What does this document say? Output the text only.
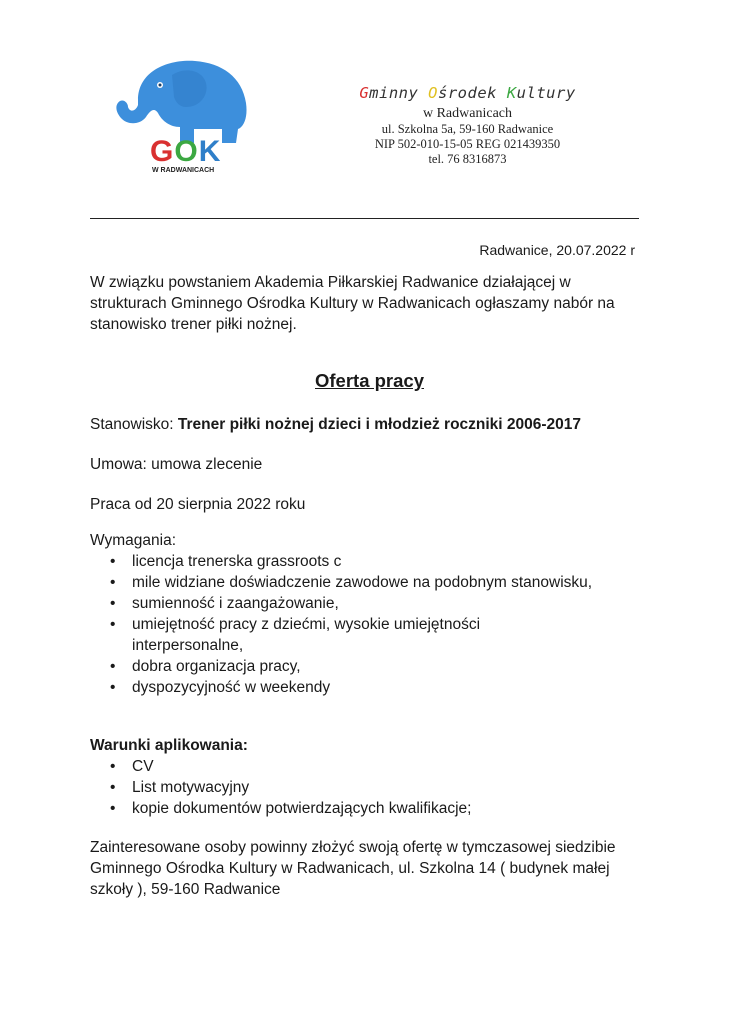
GOK
W RADWANICACH
Gminny Ośrodek Kultury
w Radwanicach
ul. Szkolna 5a, 59-160 Radwanice
NIP 502-010-15-05 REG 021439350
tel. 76 8316873
Radwanice, 20.07.2022 r
W związku powstaniem Akademia Piłkarskiej Radwanice działającej w strukturach Gminnego Ośrodka Kultury w Radwanicach ogłaszamy nabór na stanowisko trener piłki nożnej.
Oferta pracy
Stanowisko: Trener piłki nożnej dzieci i młodzież roczniki 2006-2017
Umowa: umowa zlecenie
Praca od 20 sierpnia 2022 roku
Wymagania:
• licencja trenerska grassroots c
• mile widziane doświadczenie zawodowe na podobnym stanowisku,
• sumienność i zaangażowanie,
• umiejętność pracy z dziećmi, wysokie umiejętności interpersonalne,
• dobra organizacja pracy,
• dyspozycyjność w weekendy
Warunki aplikowania:
• CV
• List motywacyjny
• kopie dokumentów potwierdzających kwalifikacje;
Zainteresowane osoby powinny złożyć swoją ofertę w tymczasowej siedzibie Gminnego Ośrodka Kultury w Radwanicach, ul. Szkolna 14 ( budynek małej szkoły ), 59-160 Radwanice
